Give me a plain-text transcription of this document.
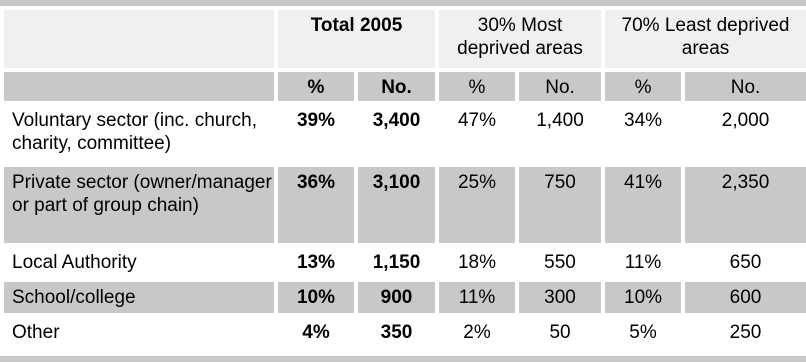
	Total 2005		30% Most deprived areas		70% Least deprived areas	
	%	No.	%	No.	%	No.
Voluntary sector (inc. church, charity, committee)	39%	3,400	47%	1,400	34%	2,000
Private sector (owner/manager or part of group chain)	36%	3,100	25%	750	41%	2,350
Local Authority	13%	1,150	18%	550	11%	650
School/college	10%	900	11%	300	10%	600
Other	4%	350	2%	50	5%	250
